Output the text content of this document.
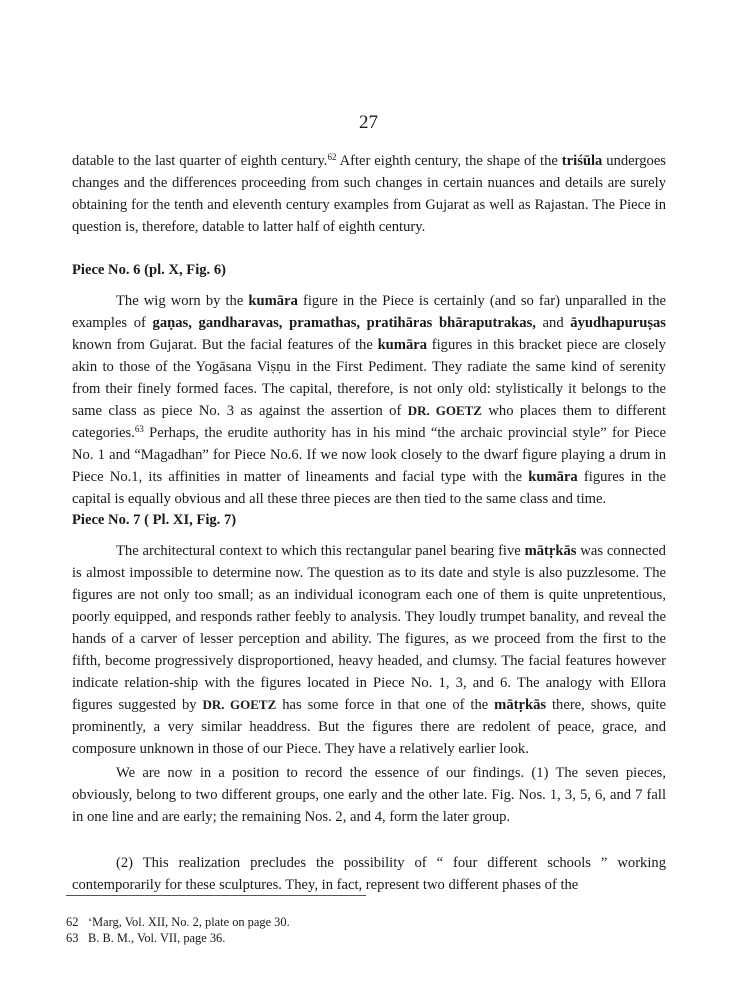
27
datable to the last quarter of eighth century.$^{62}$ After eighth century, the shape of the triśūla undergoes changes and the differences proceeding from such changes in certain nuances and details are surely obtaining for the tenth and eleventh century examples from Gujarat as well as Rajastan. The Piece in question is, therefore, datable to latter half of eighth century.
Piece No. 6 (pl. X, Fig. 6)
The wig worn by the kumāra figure in the Piece is certainly (and so far) unparalled in the examples of gaṇas, gandharavas, pramathas, pratihāras bhāraputrakas, and āyudhapuruṣas known from Gujarat. But the facial features of the kumāra figures in this bracket piece are closely akin to those of the Yogāsana Viṣṇu in the First Pediment. They radiate the same kind of serenity from their finely formed faces. The capital, therefore, is not only old: stylistically it belongs to the same class as piece No. 3 as against the assertion of DR. GOETZ who places them to different categories.$^{63}$ Perhaps, the erudite authority has in his mind “the archaic provincial style” for Piece No. 1 and “Magadhan” for Piece No.6. If we now look closely to the dwarf figure playing a drum in Piece No.1, its affinities in matter of lineaments and facial type with the kumāra figures in the capital is equally obvious and all these three pieces are then tied to the same class and time.
Piece No. 7 ( Pl. XI, Fig. 7)
The architectural context to which this rectangular panel bearing five mātṛkās was connected is almost impossible to determine now. The question as to its date and style is also puzzlesome. The figures are not only too small; as an individual iconogram each one of them is quite unpretentious, poorly equipped, and responds rather feebly to analysis. They loudly trumpet banality, and reveal the hands of a carver of lesser perception and ability. The figures, as we proceed from the first to the fifth, become progressively disproportioned, heavy headed, and clumsy. The facial features however indicate relation-ship with the figures located in Piece No. 1, 3, and 6. The analogy with Ellora figures suggested by DR. GOETZ has some force in that one of the mātṛkās there, shows, quite prominently, a very similar headdress. But the figures there are redolent of peace, grace, and composure unknown in those of our Piece. They have a relatively earlier look.
We are now in a position to record the essence of our findings. (1) The seven pieces, obviously, belong to two different groups, one early and the other late. Fig. Nos. 1, 3, 5, 6, and 7 fall in one line and are early; the remaining Nos. 2, and 4, form the later group.
(2) This realization precludes the possibility of “ four different schools ” working contemporarily for these sculptures. They, in fact, represent two different phases of the
62 ‘Marg, Vol. XII, No. 2, plate on page 30.
63 B. B. M., Vol. VII, page 36.
